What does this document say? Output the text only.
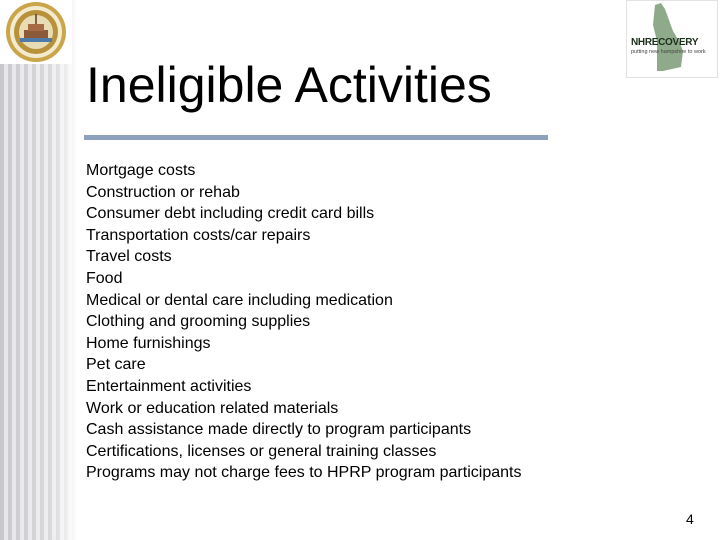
NHRECOVERY
putting new hampshire to work
Ineligible Activities
Mortgage costs
Construction or rehab
Consumer debt including credit card bills
Transportation costs/car repairs
Travel costs
Food
Medical or dental care including medication
Clothing and grooming supplies
Home furnishings
Pet care
Entertainment activities
Work or education related materials
Cash assistance made directly to program participants
Certifications, licenses or general training classes
Programs may not charge fees to HPRP program participants
4
